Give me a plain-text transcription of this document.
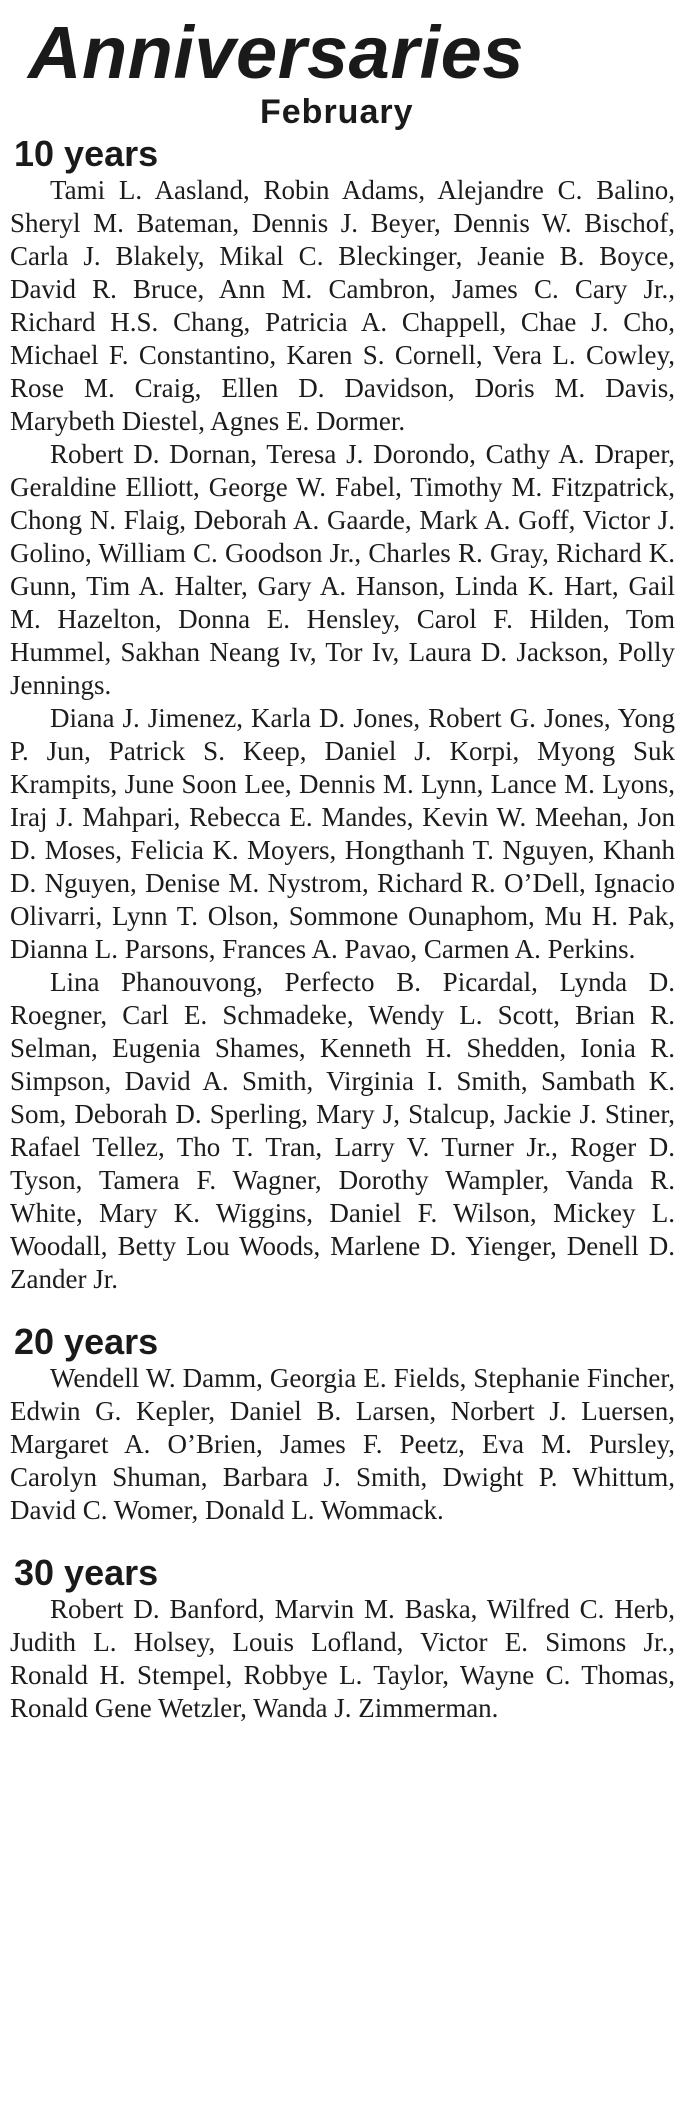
Anniversaries
February
10 years

Tami L. Aasland, Robin Adams, Alejandre C. Balino, Sheryl M. Bateman, Dennis J. Beyer, Dennis W. Bischof, Carla J. Blakely, Mikal C. Bleckinger, Jeanie B. Boyce, David R. Bruce, Ann M. Cambron, James C. Cary Jr., Richard H.S. Chang, Patricia A. Chappell, Chae J. Cho, Michael F. Constantino, Karen S. Cornell, Vera L. Cowley, Rose M. Craig, Ellen D. Davidson, Doris M. Davis, Marybeth Diestel, Agnes E. Dormer.

Robert D. Dornan, Teresa J. Dorondo, Cathy A. Draper, Geraldine Elliott, George W. Fabel, Timothy M. Fitzpatrick, Chong N. Flaig, Deborah A. Gaarde, Mark A. Goff, Victor J. Golino, William C. Goodson Jr., Charles R. Gray, Richard K. Gunn, Tim A. Halter, Gary A. Hanson, Linda K. Hart, Gail M. Hazelton, Donna E. Hensley, Carol F. Hilden, Tom Hummel, Sakhan Neang Iv, Tor Iv, Laura D. Jackson, Polly Jennings.

Diana J. Jimenez, Karla D. Jones, Robert G. Jones, Yong P. Jun, Patrick S. Keep, Daniel J. Korpi, Myong Suk Krampits, June Soon Lee, Dennis M. Lynn, Lance M. Lyons, Iraj J. Mahpari, Rebecca E. Mandes, Kevin W. Meehan, Jon D. Moses, Felicia K. Moyers, Hongthanh T. Nguyen, Khanh D. Nguyen, Denise M. Nystrom, Richard R. O’Dell, Ignacio Olivarri, Lynn T. Olson, Sommone Ounaphom, Mu H. Pak, Dianna L. Parsons, Frances A. Pavao, Carmen A. Perkins.

Lina Phanouvong, Perfecto B. Picardal, Lynda D. Roegner, Carl E. Schmadeke, Wendy L. Scott, Brian R. Selman, Eugenia Shames, Kenneth H. Shedden, Ionia R. Simpson, David A. Smith, Virginia I. Smith, Sambath K. Som, Deborah D. Sperling, Mary J, Stalcup, Jackie J. Stiner, Rafael Tellez, Tho T. Tran, Larry V. Turner Jr., Roger D. Tyson, Tamera F. Wagner, Dorothy Wampler, Vanda R. White, Mary K. Wiggins, Daniel F. Wilson, Mickey L. Woodall, Betty Lou Woods, Marlene D. Yienger, Denell D. Zander Jr.

20 years

Wendell W. Damm, Georgia E. Fields, Stephanie Fincher, Edwin G. Kepler, Daniel B. Larsen, Norbert J. Luersen, Margaret A. O’Brien, James F. Peetz, Eva M. Pursley, Carolyn Shuman, Barbara J. Smith, Dwight P. Whittum, David C. Womer, Donald L. Wommack.

30 years

Robert D. Banford, Marvin M. Baska, Wilfred C. Herb, Judith L. Holsey, Louis Lofland, Victor E. Simons Jr., Ronald H. Stempel, Robbye L. Taylor, Wayne C. Thomas, Ronald Gene Wetzler, Wanda J. Zimmerman.
